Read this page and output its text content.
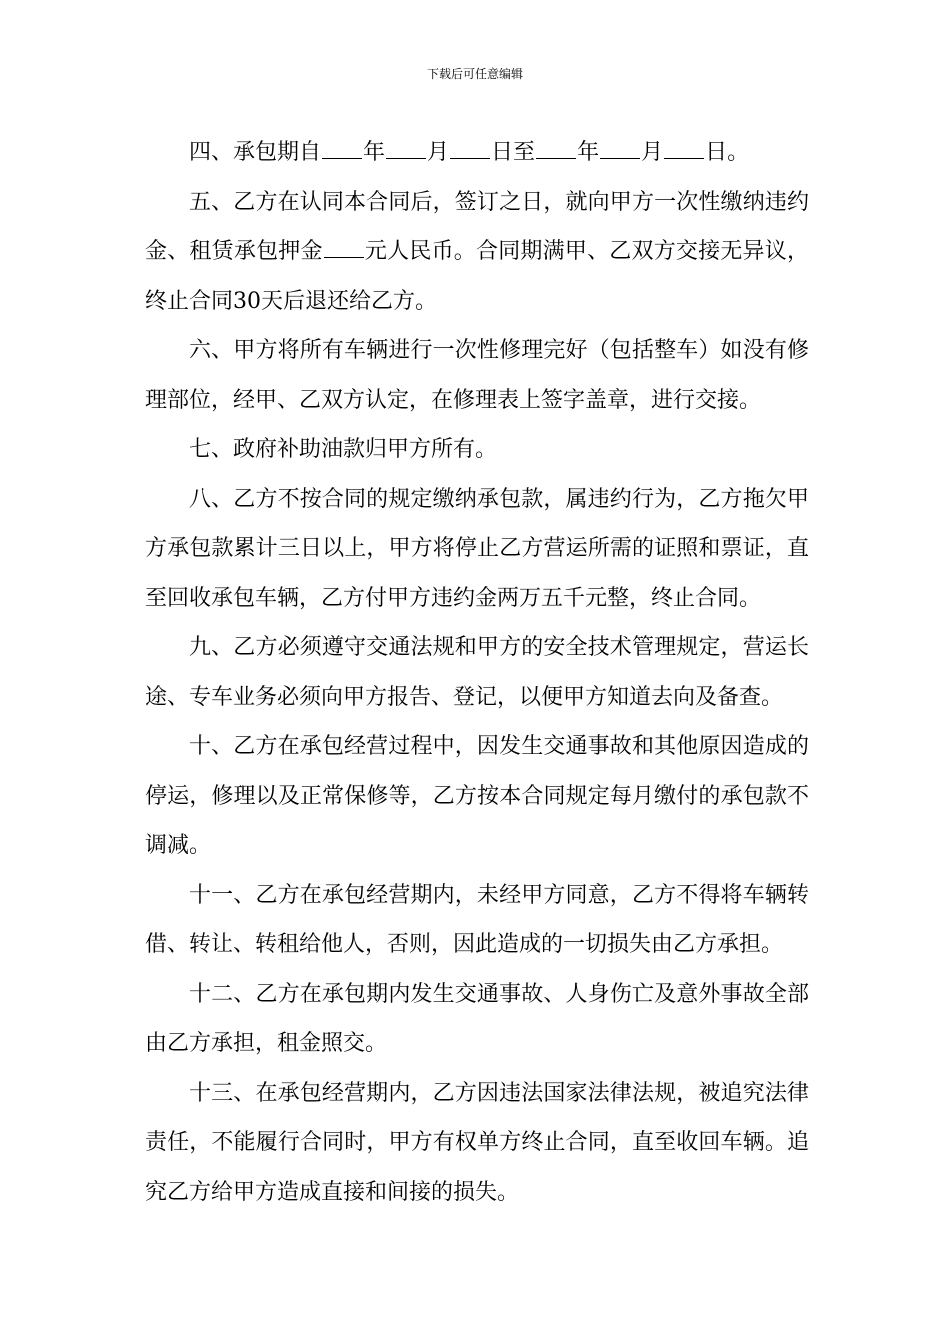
下载后可任意编辑

四、承包期自 年 月 日至 年 月 日。

五、乙方在认同本合同后，签订之日，就向甲方一次性缴纳违约金、租赁承包押金 元人民币。合同期满甲、乙双方交接无异议，终止合同30天后退还给乙方。

六、甲方将所有车辆进行一次性修理完好（包括整车）如没有修理部位，经甲、乙双方认定，在修理表上签字盖章，进行交接。

七、政府补助油款归甲方所有。

八、乙方不按合同的规定缴纳承包款，属违约行为，乙方拖欠甲方承包款累计三日以上，甲方将停止乙方营运所需的证照和票证，直至回收承包车辆，乙方付甲方违约金两万五千元整，终止合同。

九、乙方必须遵守交通法规和甲方的安全技术管理规定，营运长途、专车业务必须向甲方报告、登记，以便甲方知道去向及备查。

十、乙方在承包经营过程中，因发生交通事故和其他原因造成的停运，修理以及正常保修等，乙方按本合同规定每月缴付的承包款不调减。

十一、乙方在承包经营期内，未经甲方同意，乙方不得将车辆转借、转让、转租给他人，否则，因此造成的一切损失由乙方承担。

十二、乙方在承包期内发生交通事故、人身伤亡及意外事故全部由乙方承担，租金照交。

十三、在承包经营期内，乙方因违法国家法律法规，被追究法律责任，不能履行合同时，甲方有权单方终止合同，直至收回车辆。追究乙方给甲方造成直接和间接的损失。
